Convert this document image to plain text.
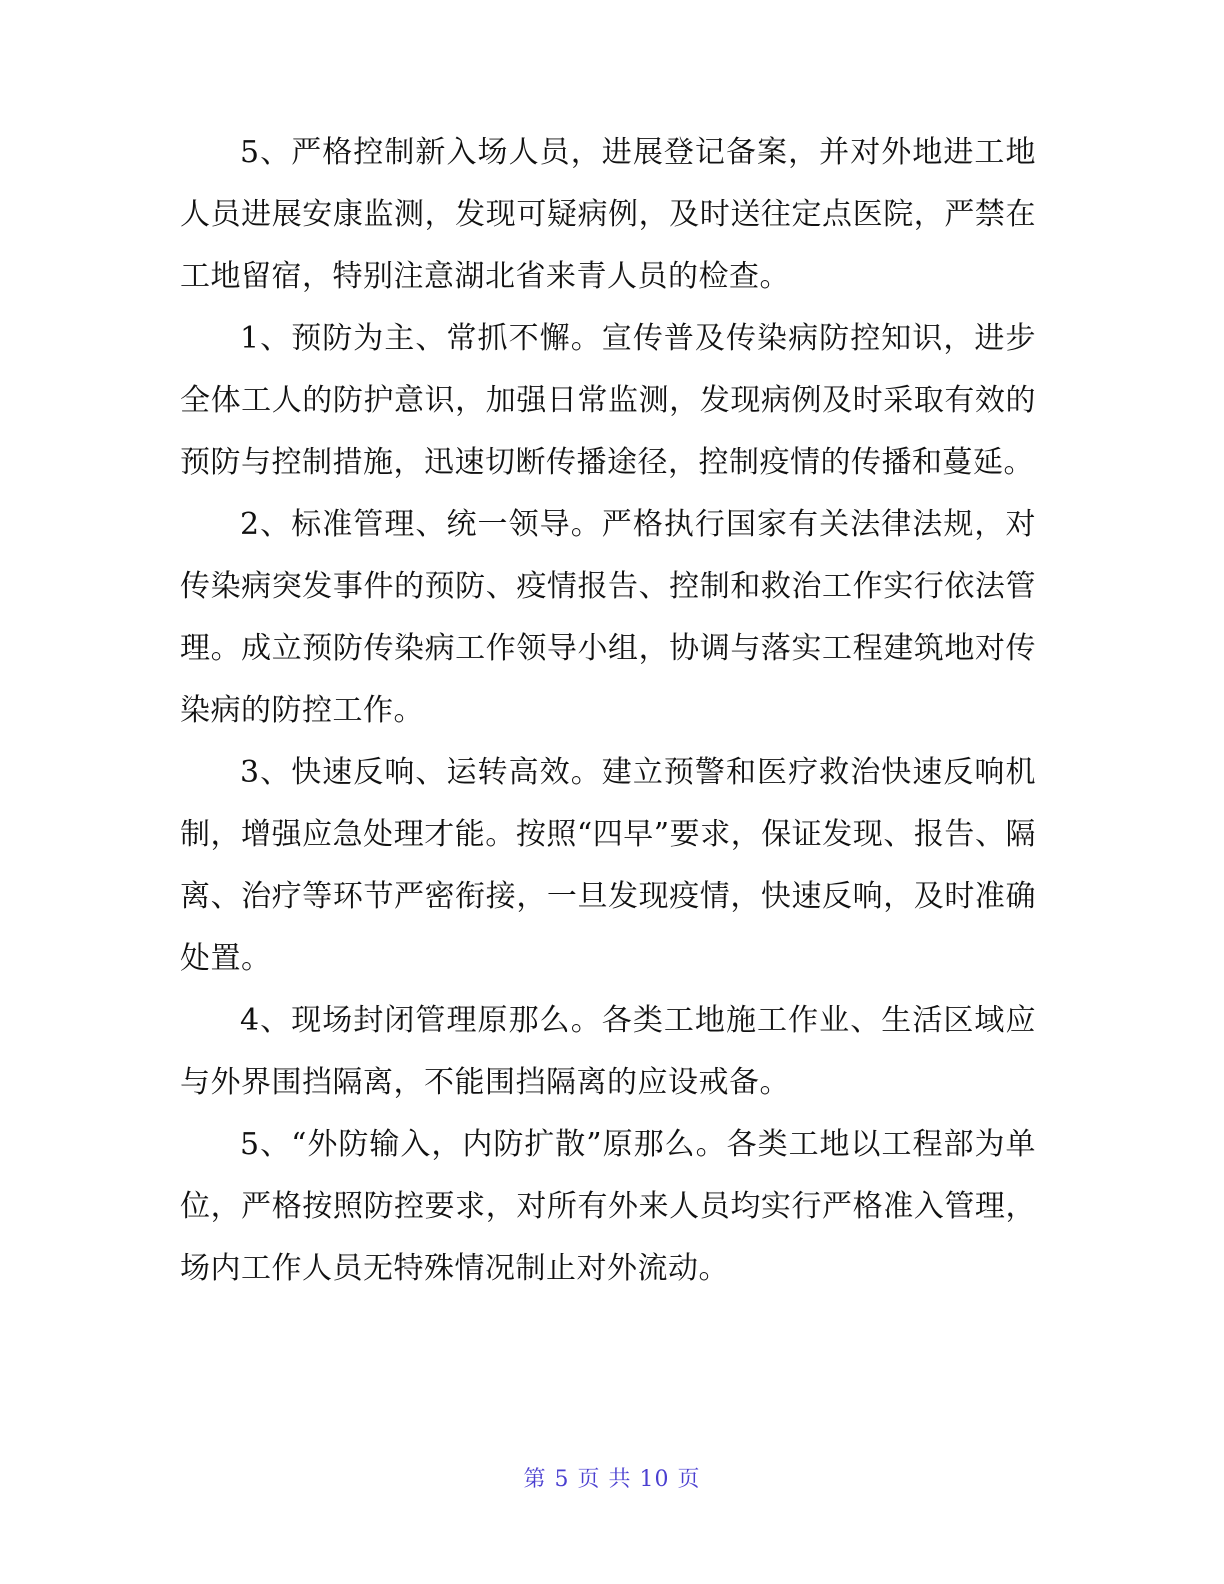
5、严格控制新入场人员，进展登记备案，并对外地进工地人员进展安康监测，发现可疑病例，及时送往定点医院，严禁在工地留宿，特别注意湖北省来青人员的检查。

1、预防为主、常抓不懈。宣传普及传染病防控知识，进步全体工人的防护意识，加强日常监测，发现病例及时采取有效的预防与控制措施，迅速切断传播途径，控制疫情的传播和蔓延。

2、标准管理、统一领导。严格执行国家有关法律法规，对传染病突发事件的预防、疫情报告、控制和救治工作实行依法管理。成立预防传染病工作领导小组，协调与落实工程建筑地对传染病的防控工作。

3、快速反响、运转高效。建立预警和医疗救治快速反响机制，增强应急处理才能。按照“四早”要求，保证发现、报告、隔离、治疗等环节严密衔接，一旦发现疫情，快速反响，及时准确处置。

4、现场封闭管理原那么。各类工地施工作业、生活区域应与外界围挡隔离，不能围挡隔离的应设戒备。

5、“外防输入，内防扩散”原那么。各类工地以工程部为单位，严格按照防控要求，对所有外来人员均实行严格准入管理，场内工作人员无特殊情况制止对外流动。

第 5 页 共 10 页
